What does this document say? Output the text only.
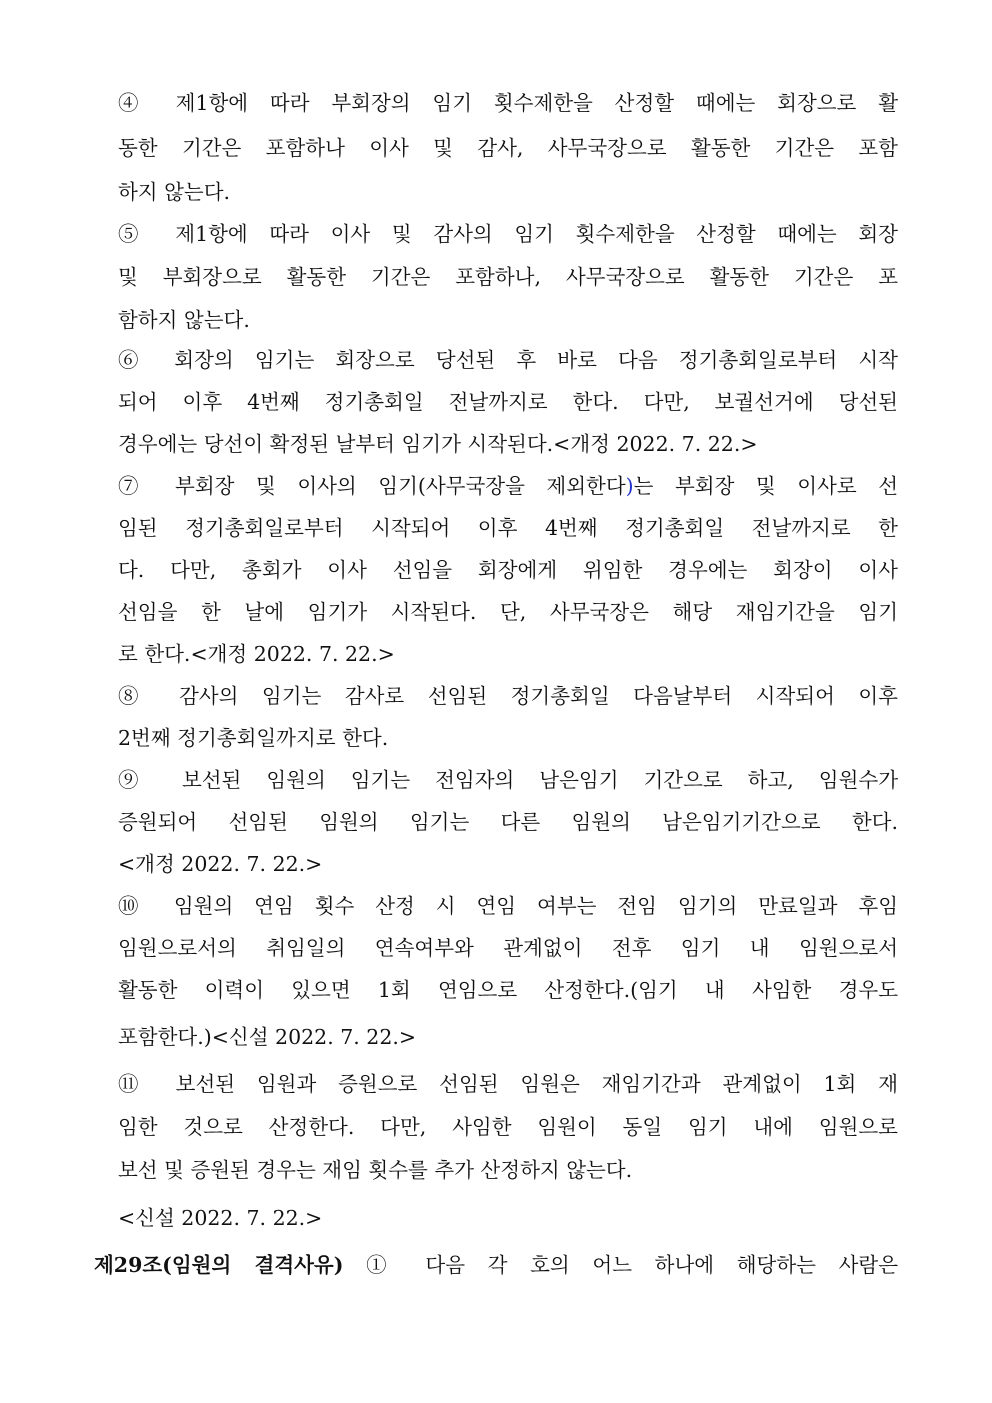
④ 제1항에 따라 부회장의 임기 횟수제한을 산정할 때에는 회장으로 활
동한 기간은 포함하나 이사 및 감사, 사무국장으로 활동한 기간은 포함
하지 않는다.
⑤ 제1항에 따라 이사 및 감사의 임기 횟수제한을 산정할 때에는 회장
및 부회장으로 활동한 기간은 포함하나, 사무국장으로 활동한 기간은 포
함하지 않는다.
⑥ 회장의 임기는 회장으로 당선된 후 바로 다음 정기총회일로부터 시작
되어 이후 4번째 정기총회일 전날까지로 한다. 다만, 보궐선거에 당선된
경우에는 당선이 확정된 날부터 임기가 시작된다.<개정 2022. 7. 22.>
⑦ 부회장 및 이사의 임기(사무국장을 제외한다)는 부회장 및 이사로 선
임된 정기총회일로부터 시작되어 이후 4번째 정기총회일 전날까지로 한
다. 다만, 총회가 이사 선임을 회장에게 위임한 경우에는 회장이 이사
선임을 한 날에 임기가 시작된다. 단, 사무국장은 해당 재임기간을 임기
로 한다.<개정 2022. 7. 22.>
⑧ 감사의 임기는 감사로 선임된 정기총회일 다음날부터 시작되어 이후
2번째 정기총회일까지로 한다.
⑨ 보선된 임원의 임기는 전임자의 남은임기 기간으로 하고, 임원수가
증원되어 선임된 임원의 임기는 다른 임원의 남은임기기간으로 한다.
<개정 2022. 7. 22.>
⑩ 임원의 연임 횟수 산정 시 연임 여부는 전임 임기의 만료일과 후임
임원으로서의 취임일의 연속여부와 관계없이 전후 임기 내 임원으로서
활동한 이력이 있으면 1회 연임으로 산정한다.(임기 내 사임한 경우도
포함한다.)<신설 2022. 7. 22.>
⑪ 보선된 임원과 증원으로 선임된 임원은 재임기간과 관계없이 1회 재
임한 것으로 산정한다. 다만, 사임한 임원이 동일 임기 내에 임원으로
보선 및 증원된 경우는 재임 횟수를 추가 산정하지 않는다.
<신설 2022. 7. 22.>
제29조(임원의 결격사유) ① 다음 각 호의 어느 하나에 해당하는 사람은
